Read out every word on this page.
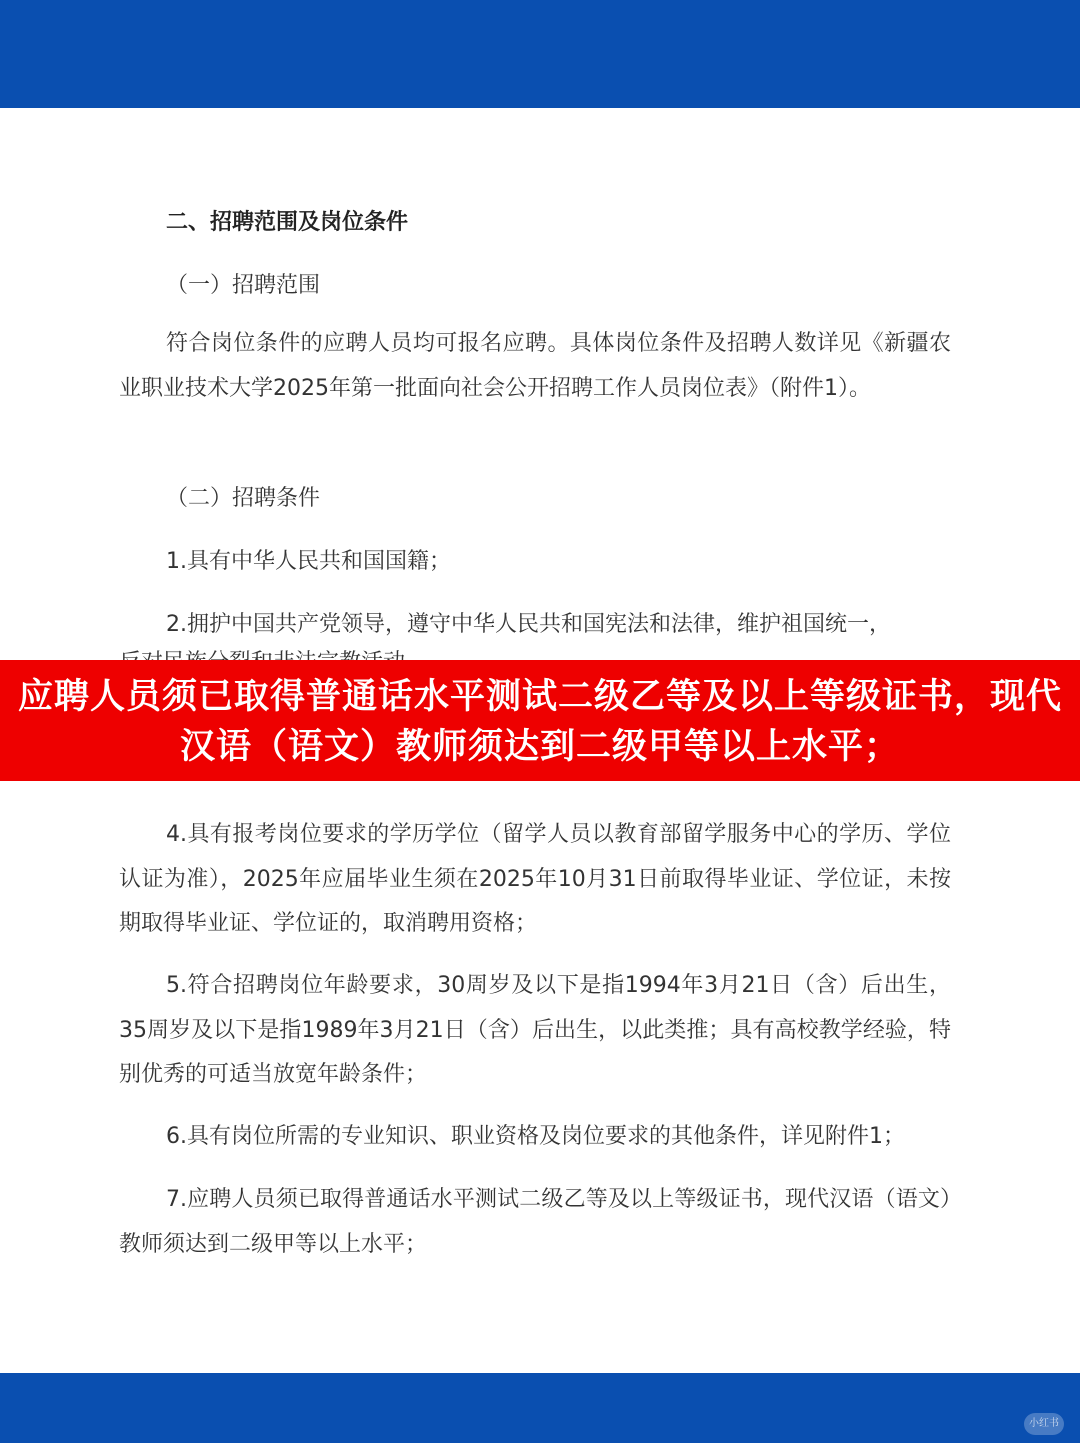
二、招聘范围及岗位条件
（一）招聘范围
符合岗位条件的应聘人员均可报名应聘。具体岗位条件及招聘人数详见《新疆农业职业技术大学2025年第一批面向社会公开招聘工作人员岗位表》（附件1）。
（二）招聘条件
1.具有中华人民共和国国籍；
2.拥护中国共产党领导，遵守中华人民共和国宪法和法律，维护祖国统一，
应聘人员须已取得普通话水平测试二级乙等及以上等级证书，现代
汉语（语文）教师须达到二级甲等以上水平；
4.具有报考岗位要求的学历学位（留学人员以教育部留学服务中心的学历、学位认证为准），2025年应届毕业生须在2025年10月31日前取得毕业证、学位证，未按期取得毕业证、学位证的，取消聘用资格；
5.符合招聘岗位年龄要求，30周岁及以下是指1994年3月21日（含）后出生，35周岁及以下是指1989年3月21日（含）后出生，以此类推；具有高校教学经验，特别优秀的可适当放宽年龄条件；
6.具有岗位所需的专业知识、职业资格及岗位要求的其他条件，详见附件1；
7.应聘人员须已取得普通话水平测试二级乙等及以上等级证书，现代汉语（语文）教师须达到二级甲等以上水平；
小红书
